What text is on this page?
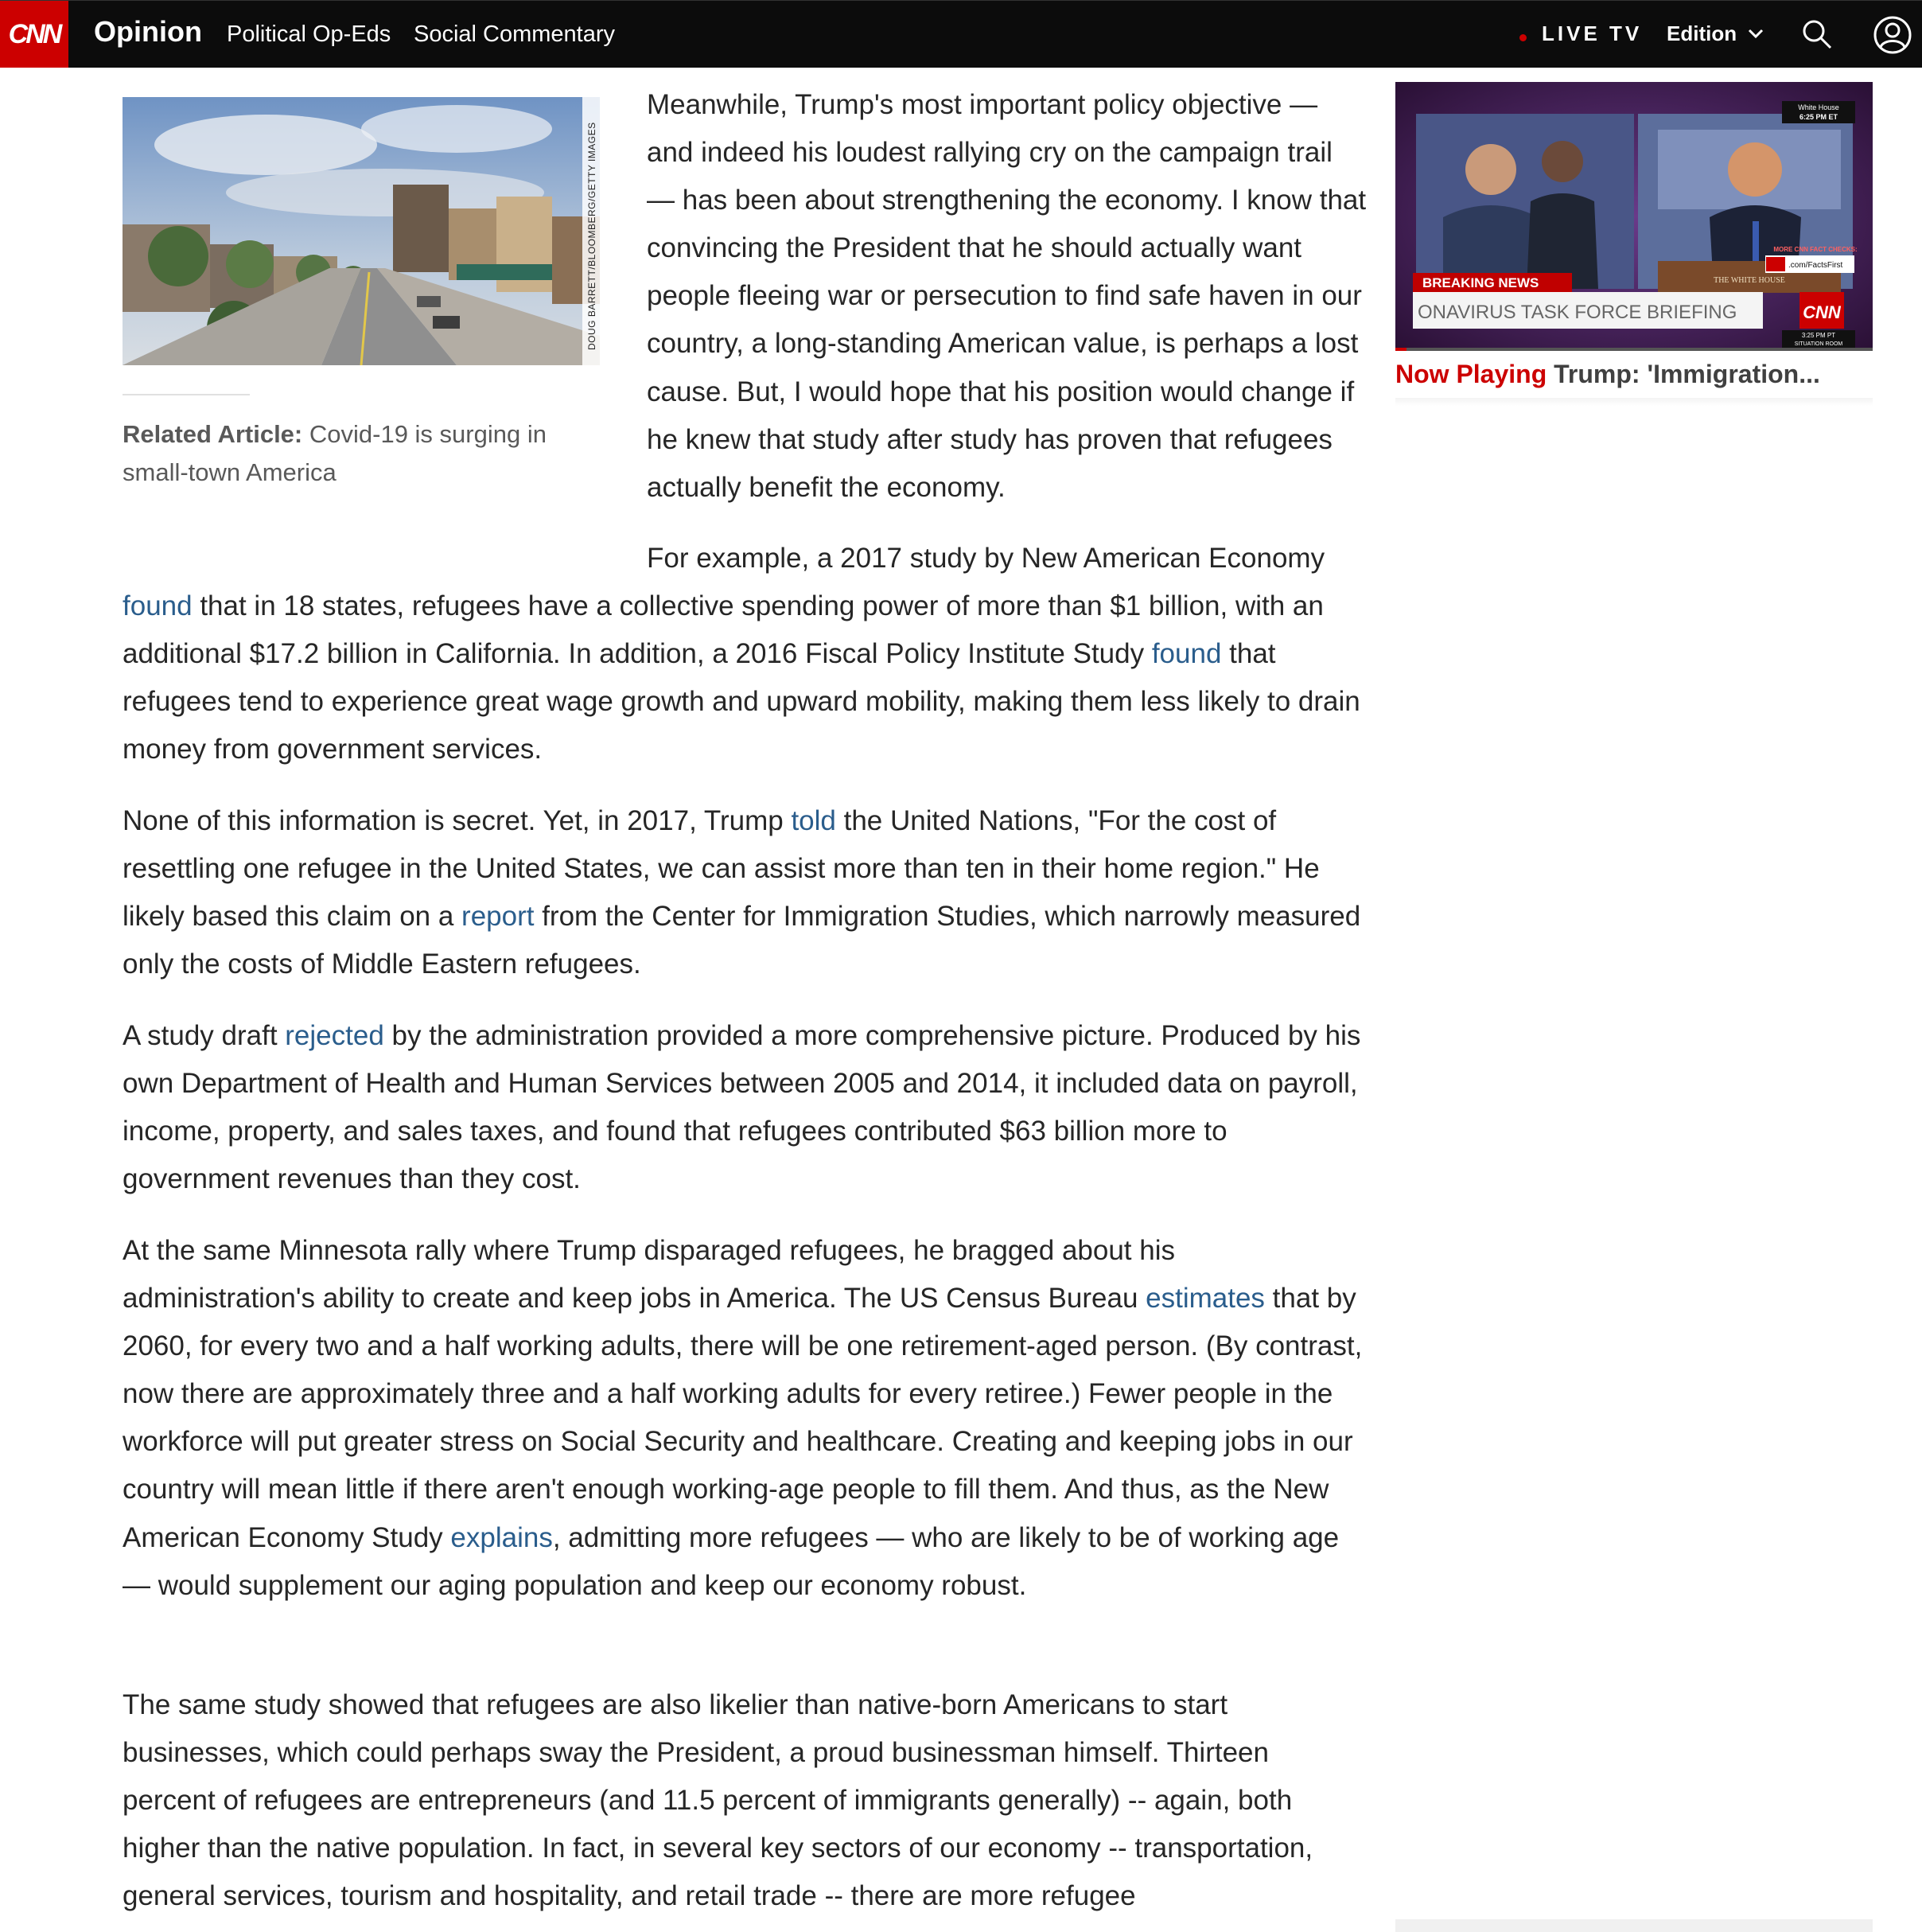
CNN Opinion Political Op-Eds Social Commentary	LIVE TV Edition
DOUG BARRETT/BLOOMBERG/GETTY IMAGES
Related Article: Covid-19 is surging in small-town America

Meanwhile, Trump's most important policy objective — and indeed his loudest rallying cry on the campaign trail — has been about strengthening the economy. I know that convincing the President that he should actually want people fleeing war or persecution to find safe haven in our country, a long-standing American value, is perhaps a lost cause. But, I would hope that his position would change if he knew that study after study has proven that refugees actually benefit the economy.

For example, a 2017 study by New American Economy
found that in 18 states, refugees have a collective spending power of more than $1 billion, with an additional $17.2 billion in California. In addition, a 2016 Fiscal Policy Institute Study found that refugees tend to experience great wage growth and upward mobility, making them less likely to drain money from government services.

None of this information is secret. Yet, in 2017, Trump told the United Nations, "For the cost of resettling one refugee in the United States, we can assist more than ten in their home region." He likely based this claim on a report from the Center for Immigration Studies, which narrowly measured only the costs of Middle Eastern refugees.

A study draft rejected by the administration provided a more comprehensive picture. Produced by his own Department of Health and Human Services between 2005 and 2014, it included data on payroll, income, property, and sales taxes, and found that refugees contributed $63 billion more to government revenues than they cost.

At the same Minnesota rally where Trump disparaged refugees, he bragged about his administration's ability to create and keep jobs in America. The US Census Bureau estimates that by 2060, for every two and a half working adults, there will be one retirement-aged person. (By contrast, now there are approximately three and a half working adults for every retiree.) Fewer people in the workforce will put greater stress on Social Security and healthcare. Creating and keeping jobs in our country will mean little if there aren't enough working-age people to fill them. And thus, as the New American Economy Study explains, admitting more refugees — who are likely to be of working age — would supplement our aging population and keep our economy robust.

The same study showed that refugees are also likelier than native-born Americans to start businesses, which could perhaps sway the President, a proud businessman himself. Thirteen percent of refugees are entrepreneurs (and 11.5 percent of immigrants generally) -- again, both higher than the native population. In fact, in several key sectors of our economy -- transportation, general services, tourism and hospitality, and retail trade -- there are more refugee

THE WHITE HOUSE
White House
6:25 PM ET
MORE CNN FACT CHECKS:
.com/FactsFirst
BREAKING NEWS
ONAVIRUS TASK FORCE BRIEFING	CNN
3:25 PM PT
SITUATION ROOM
Now Playing Trump: 'Immigration...
